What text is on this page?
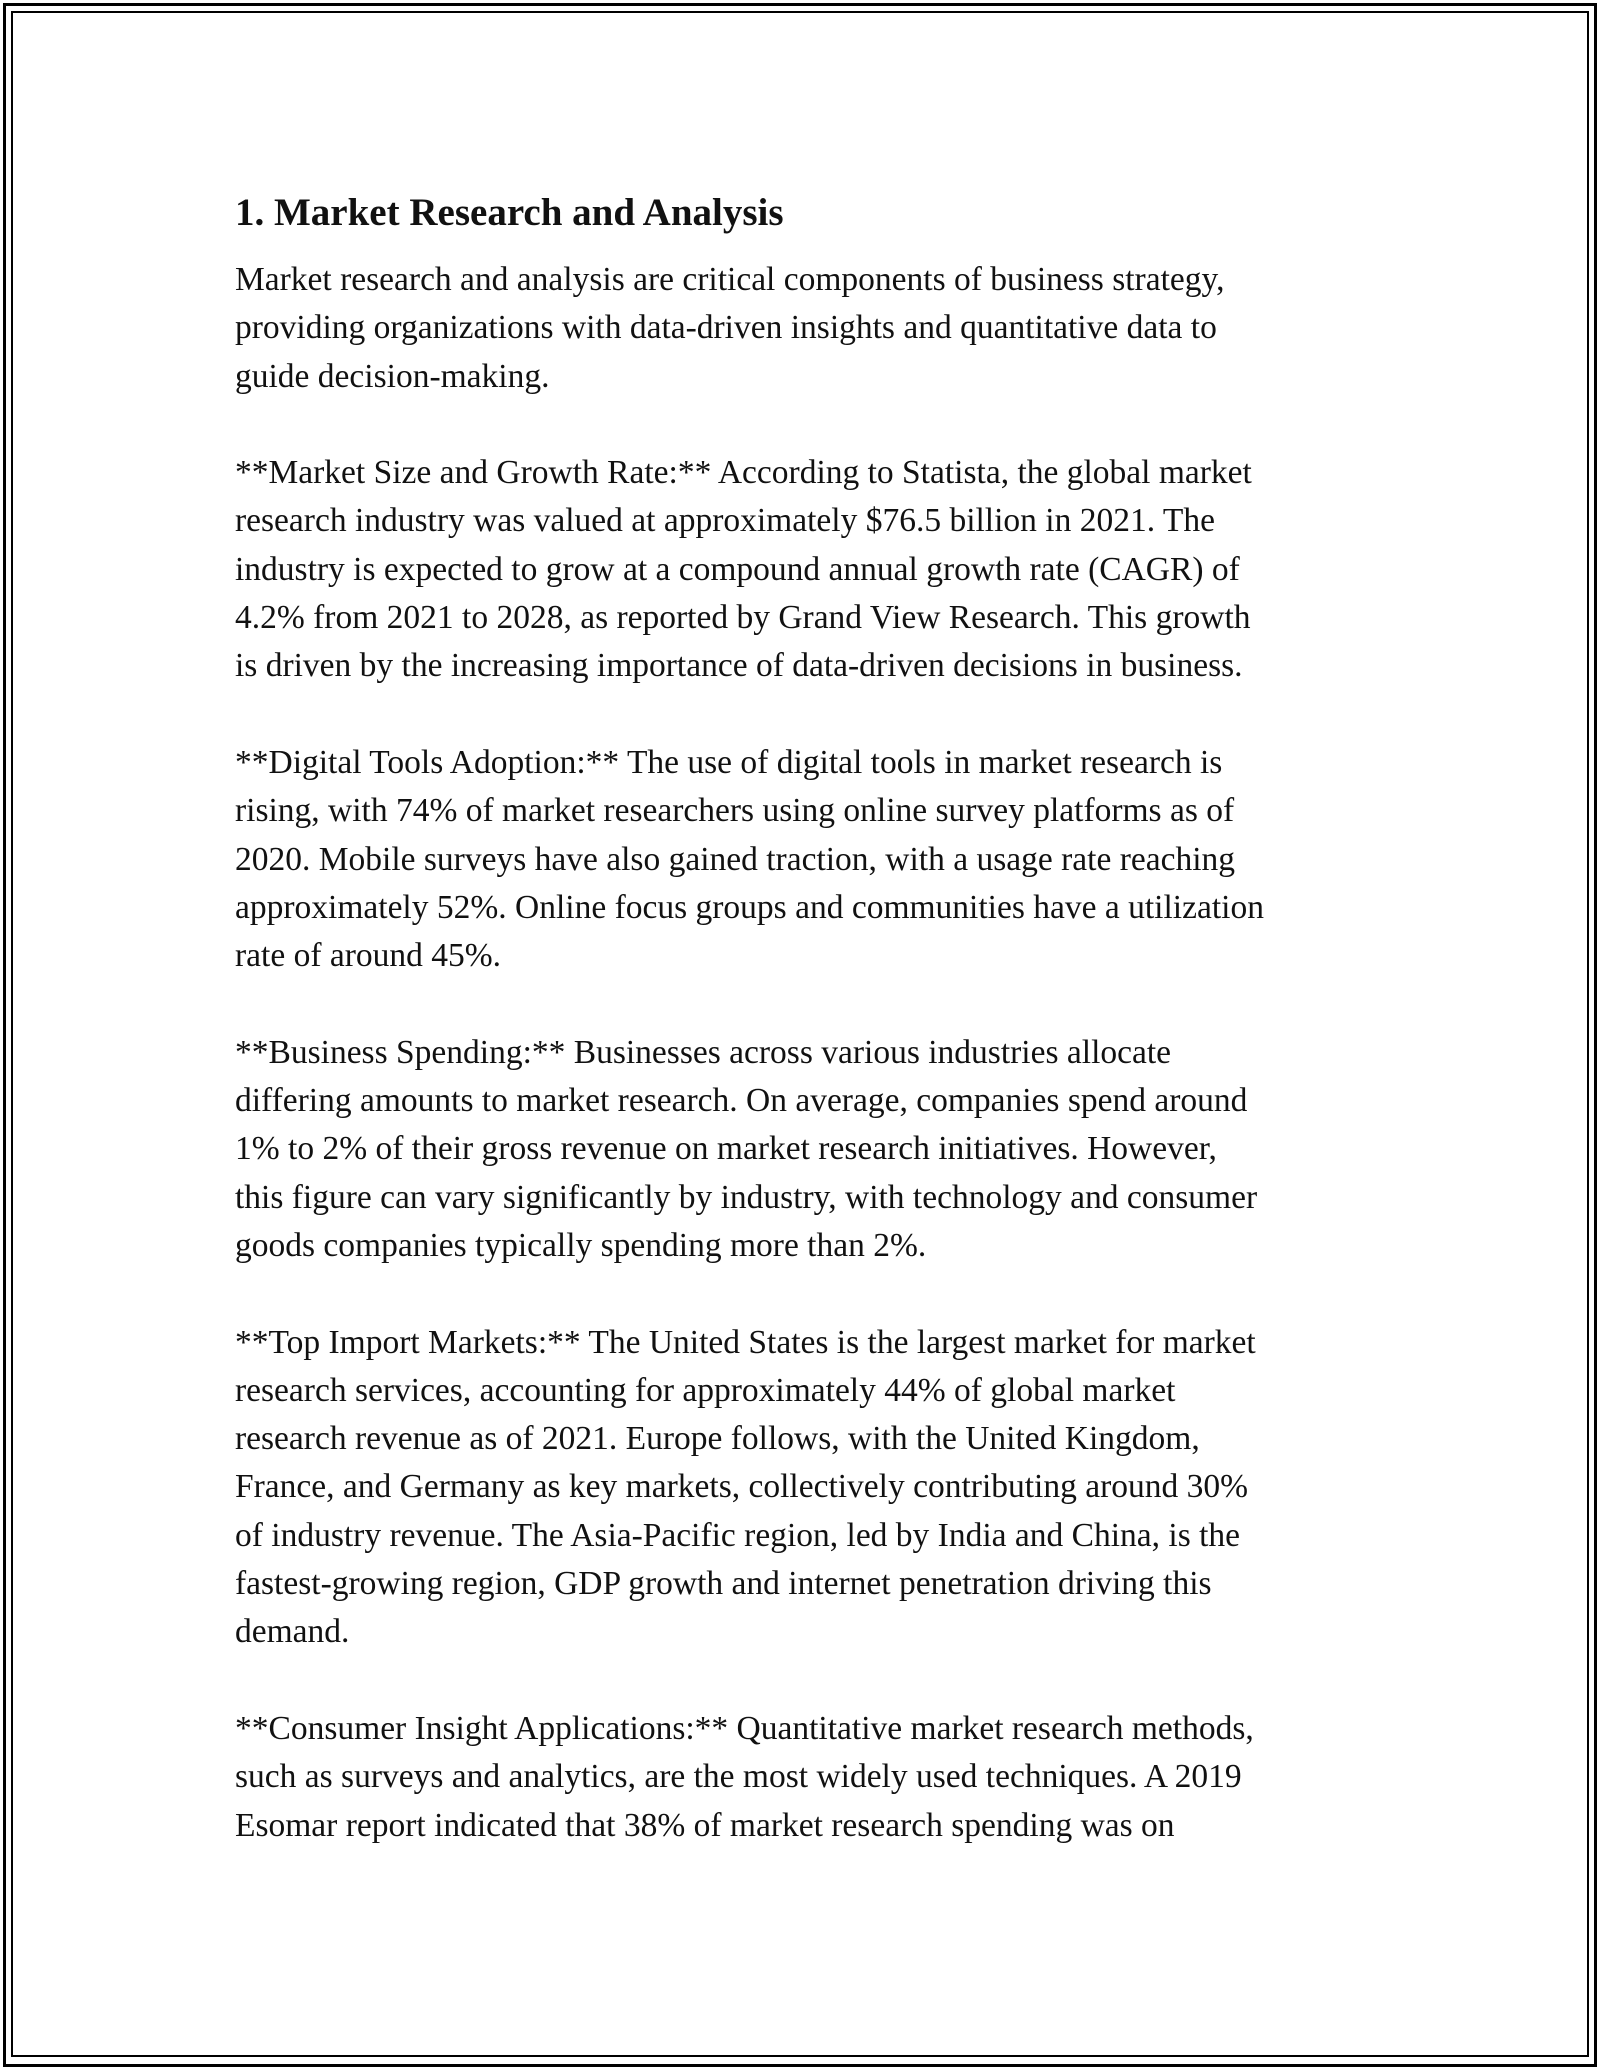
1. Market Research and Analysis
Market research and analysis are critical components of business strategy,
providing organizations with data-driven insights and quantitative data to
guide decision-making.
**Market Size and Growth Rate:** According to Statista, the global market
research industry was valued at approximately $76.5 billion in 2021. The
industry is expected to grow at a compound annual growth rate (CAGR) of
4.2% from 2021 to 2028, as reported by Grand View Research. This growth
is driven by the increasing importance of data-driven decisions in business.
**Digital Tools Adoption:** The use of digital tools in market research is
rising, with 74% of market researchers using online survey platforms as of
2020. Mobile surveys have also gained traction, with a usage rate reaching
approximately 52%. Online focus groups and communities have a utilization
rate of around 45%.
**Business Spending:** Businesses across various industries allocate
differing amounts to market research. On average, companies spend around
1% to 2% of their gross revenue on market research initiatives. However,
this figure can vary significantly by industry, with technology and consumer
goods companies typically spending more than 2%.
**Top Import Markets:** The United States is the largest market for market
research services, accounting for approximately 44% of global market
research revenue as of 2021. Europe follows, with the United Kingdom,
France, and Germany as key markets, collectively contributing around 30%
of industry revenue. The Asia-Pacific region, led by India and China, is the
fastest-growing region, GDP growth and internet penetration driving this
demand.
**Consumer Insight Applications:** Quantitative market research methods,
such as surveys and analytics, are the most widely used techniques. A 2019
Esomar report indicated that 38% of market research spending was on
